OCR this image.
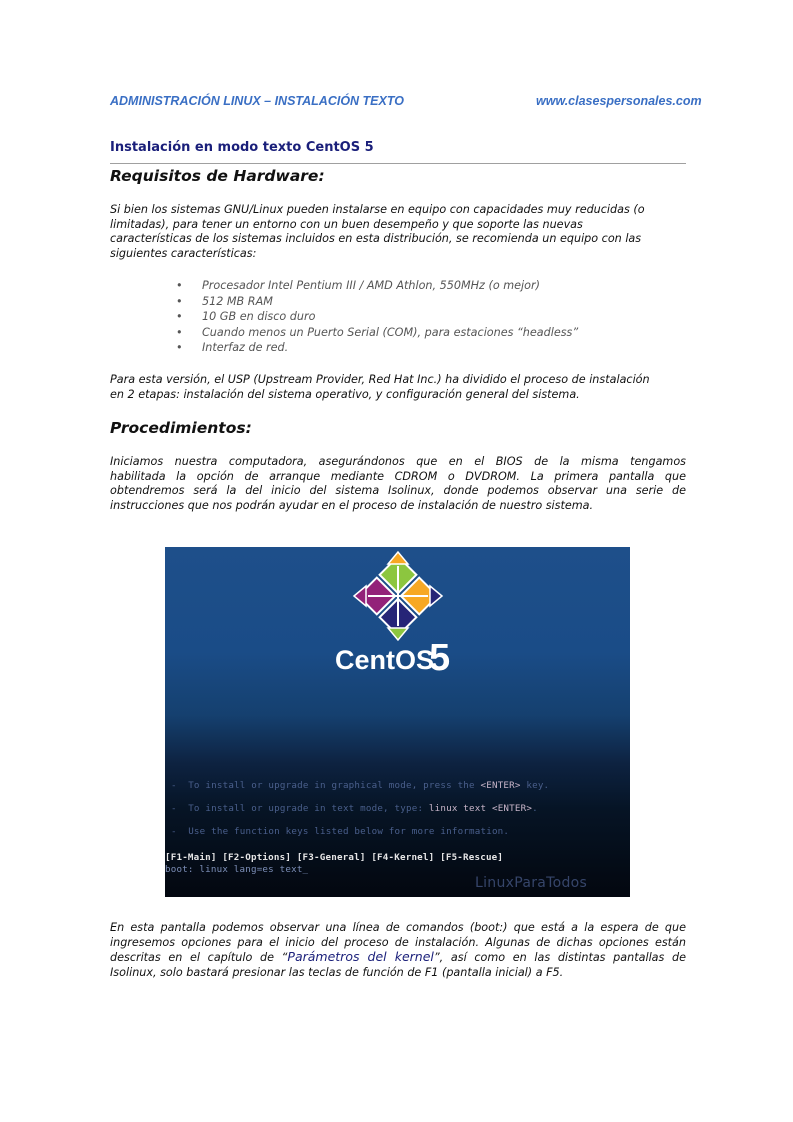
ADMINISTRACIÓN LINUX – INSTALACIÓN TEXTO	www.clasespersonales.com
Instalación en modo texto CentOS 5
Requisitos de Hardware:
Si bien los sistemas GNU/Linux pueden instalarse en equipo con capacidades muy reducidas (o
limitadas), para tener un entorno con un buen desempeño y que soporte las nuevas
características de los sistemas incluidos en esta distribución, se recomienda un equipo con las
siguientes características:
• Procesador Intel Pentium III / AMD Athlon, 550MHz (o mejor)
• 512 MB RAM
• 10 GB en disco duro
• Cuando menos un Puerto Serial (COM), para estaciones “headless”
• Interfaz de red.
Para esta versión, el USP (Upstream Provider, Red Hat Inc.) ha dividido el proceso de instalación
en 2 etapas: instalación del sistema operativo, y configuración general del sistema.
Procedimientos:
Iniciamos nuestra computadora, asegurándonos que en el BIOS de la misma tengamos
habilitada la opción de arranque mediante CDROM o DVDROM. La primera pantalla que
obtendremos será la del inicio del sistema Isolinux, donde podemos observar una serie de
instrucciones que nos podrán ayudar en el proceso de instalación de nuestro sistema.
CentOS
5
-  To install or upgrade in graphical mode, press the <ENTER> key.
-  To install or upgrade in text mode, type: linux text <ENTER>.
-  Use the function keys listed below for more information.
[F1-Main] [F2-Options] [F3-General] [F4-Kernel] [F5-Rescue]
boot: linux lang=es text_
LinuxParaTodos
En esta pantalla podemos observar una línea de comandos (boot:) que está a la espera de que
ingresemos opciones para el inicio del proceso de instalación. Algunas de dichas opciones están
descritas en el capítulo de “Parámetros del kernel”, así como en las distintas pantallas de
Isolinux, solo bastará presionar las teclas de función de F1 (pantalla inicial) a F5.
